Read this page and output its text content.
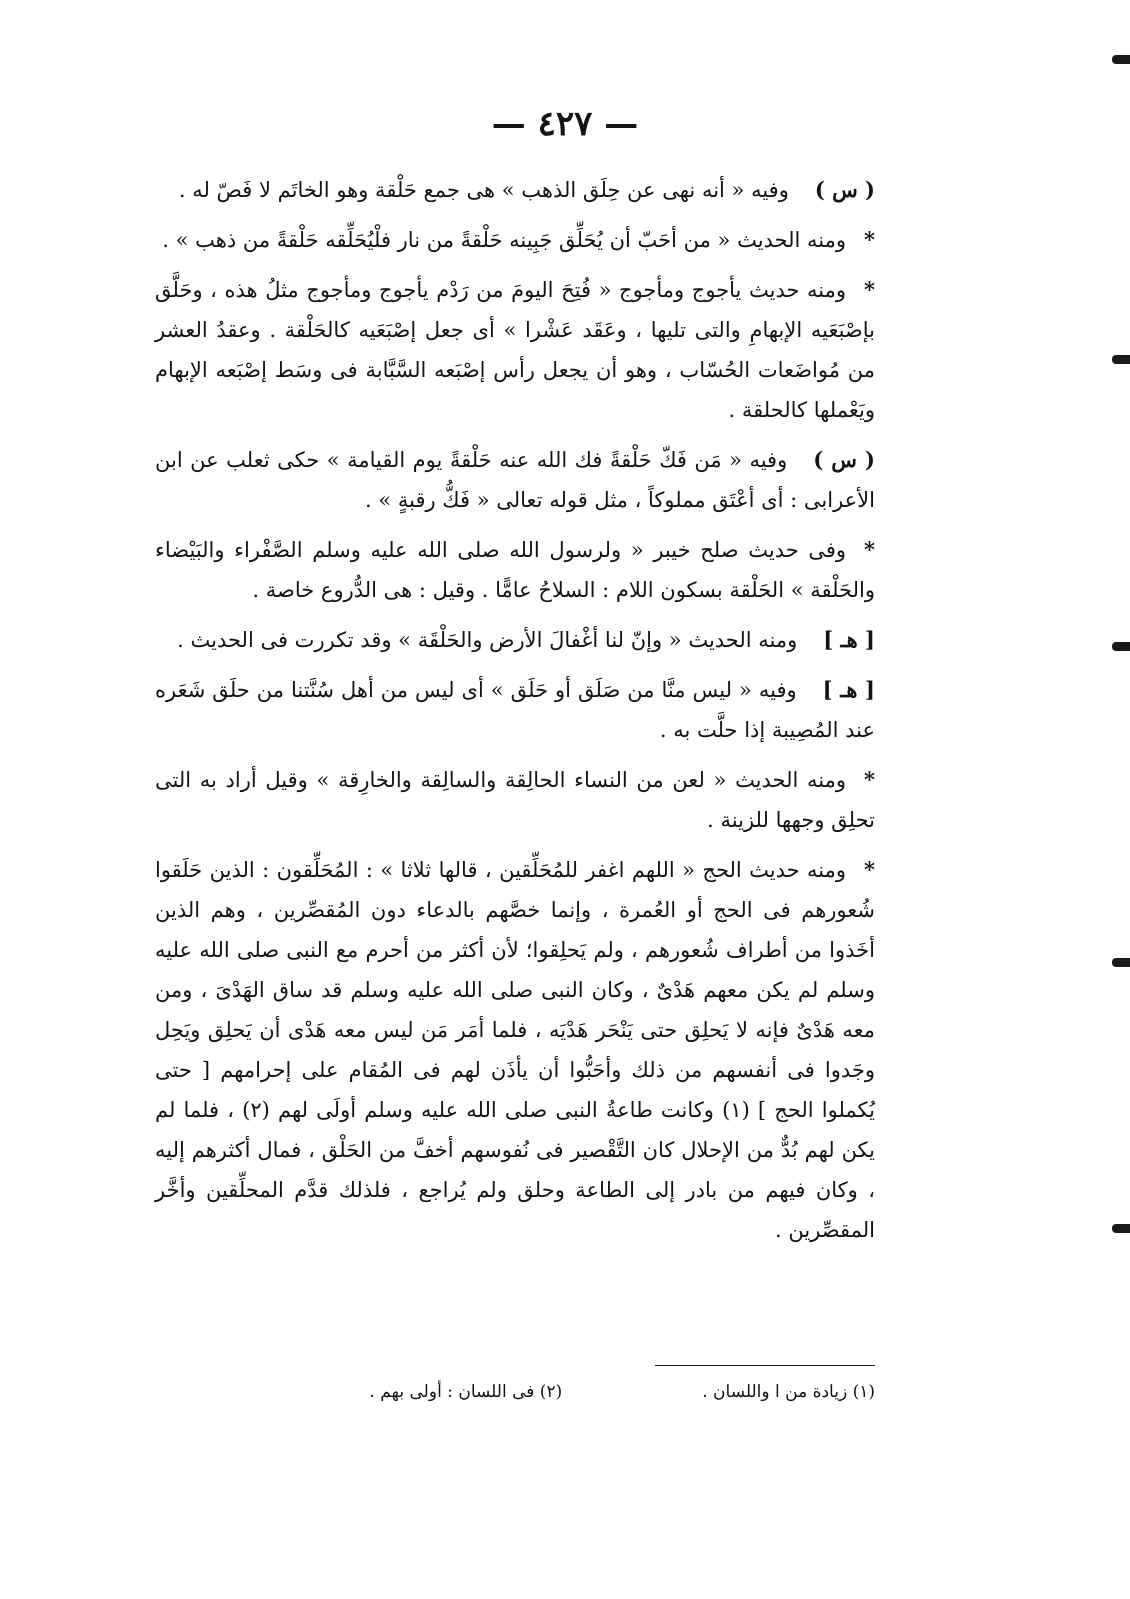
— ٤٢٧ —

( س )وفيه « أنه نهى عن حِلَق الذهب » هى جمع حَلْقة وهو الخاتَم لا فَصّ له .

*ومنه الحديث « من أحَبّ أن يُحَلِّق جَبِينه حَلْقةً من نار فلْيُحَلِّقه حَلْقةً من ذهب » .

*ومنه حديث يأجوج ومأجوج « فُتِحَ اليومَ من رَدْم يأجوج ومأجوج مثلُ هذه ، وحَلَّق بإصْبَعَيه الإبهامِ والتى تليها ، وعَقَد عَشْرا » أى جعل إصْبَعَيه كالحَلْقة . وعقدُ العشر من مُواضَعات الحُسّاب ، وهو أن يجعل رأس إصْبَعه السَّبَّابة فى وسَط إصْبَعه الإبهام ويَعْملها كالحلقة .

( س )وفيه « مَن فَكّ حَلْقةً فك الله عنه حَلْقةً يوم القيامة » حكى ثعلب عن ابن الأعرابى : أى أعْتَق مملوكاً ، مثل قوله تعالى « فَكُّ رقبةٍ » .

*وفى حديث صلح خيبر « ولرسول الله صلى الله عليه وسلم الصَّفْراء والبَيْضاء والحَلْقة » الحَلْقة بسكون اللام : السلاحُ عامًّا . وقيل : هى الدُّروع خاصة .

[ هـ ]ومنه الحديث « وإنّ لنا أغْفالَ الأرض والحَلْقَة » وقد تكررت فى الحديث .

[ هـ ]وفيه « ليس منَّا من صَلَق أو حَلَق » أى ليس من أهل سُنَّتنا من حلَق شَعَره عند المُصِيبة إذا حلَّت به .

*ومنه الحديث « لعن من النساء الحالِقة والسالِقة والخارِقة » وقيل أراد به التى تحلِق وجهها للزينة .

*ومنه حديث الحج « اللهم اغفر للمُحَلِّقين ، قالها ثلاثا » : المُحَلِّقون : الذين حَلَقوا شُعورهم فى الحج أو العُمرة ، وإنما خصَّهم بالدعاء دون المُقصِّرين ، وهم الذين أخَذوا من أطراف شُعورهم ، ولم يَحلِقوا؛ لأن أكثر من أحرم مع النبى صلى الله عليه وسلم لم يكن معهم هَدْىٌ ، وكان النبى صلى الله عليه وسلم قد ساق الهَدْىَ ، ومن معه هَدْىٌ فإنه لا يَحلِق حتى يَنْحَر هَدْيَه ، فلما أمَر مَن ليس معه هَدْى أن يَحلِق ويَحِل وجَدوا فى أنفسهم من ذلك وأحَبُّوا أن يأذَن لهم فى المُقام على إحرامهم [ حتى يُكملوا الحج ] (١) وكانت طاعةُ النبى صلى الله عليه وسلم أولَى لهم (٢) ، فلما لم يكن لهم بُدٌّ من الإحلال كان التَّقْصير فى نُفوسهم أخفَّ من الحَلْق ، فمال أكثرهم إليه ، وكان فيهم من بادر إلى الطاعة وحلق ولم يُراجع ، فلذلك قدَّم المحلِّقين وأخَّر المقصِّرين .

(١) زيادة من ا واللسان .
(٢) فى اللسان : أولى بهم .
